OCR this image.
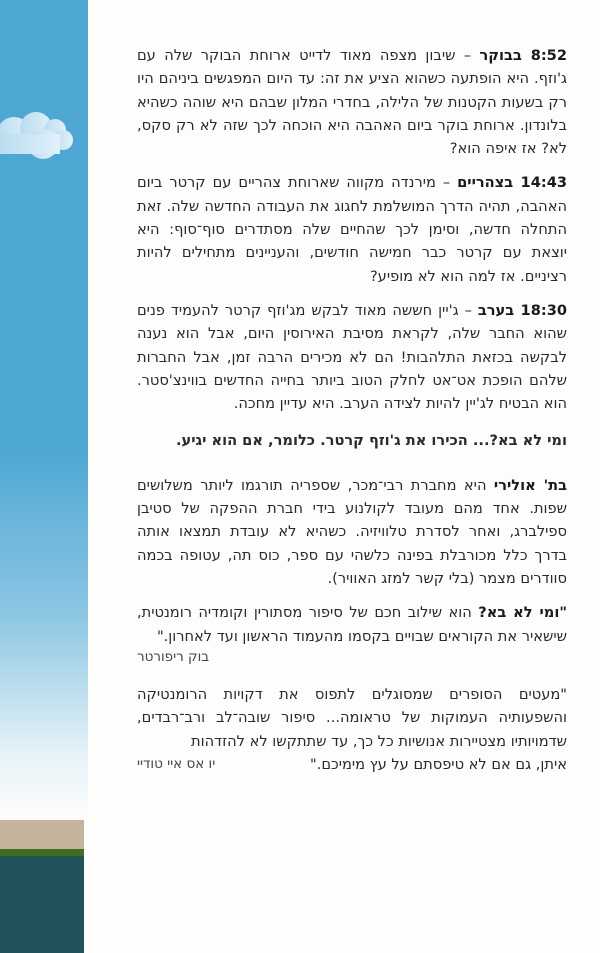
8:52 בבוקר – שיבון מצפה מאוד לדייט ארוחת הבוקר שלה עם ג'וזף. היא הופתעה כשהוא הציע את זה: עד היום המפגשים ביניהם היו רק בשעות הקטנות של הלילה, בחדרי המלון שבהם היא שוהה כשהיא בלונדון. ארוחת בוקר ביום האהבה היא הוכחה לכך שזה לא רק סקס, לא? אז איפה הוא?

14:43 בצהריים – מירנדה מקווה שארוחת צהריים עם קרטר ביום האהבה, תהיה הדרך המושלמת לחגוג את העבודה החדשה שלה. זאת התחלה חדשה, וסימן לכך שהחיים שלה מסתדרים סוף־סוף: היא יוצאת עם קרטר כבר חמישה חודשים, והעניינים מתחילים להיות רציניים. אז למה הוא לא מופיע?

18:30 בערב – ג'יין חששה מאוד לבקש מג'וזף קרטר להעמיד פנים שהוא החבר שלה, לקראת מסיבת האירוסין היום, אבל הוא נענה לבקשה בכזאת התלהבות! הם לא מכירים הרבה זמן, אבל החברות שלהם הופכת אט־אט לחלק הטוב ביותר בחייה החדשים בווינצ'סטר. הוא הבטיח לג'יין להיות לצידה הערב. היא עדיין מחכה.

ומי לא בא?... הכירו את ג'וזף קרטר. כלומר, אם הוא יגיע.

בת' אולירי היא מחברת רבי־מכר, שספריה תורגמו ליותר משלושים שפות. אחד מהם מעובד לקולנוע בידי חברת ההפקה של סטיבן ספילברג, ואחר לסדרת טלוויזיה. כשהיא לא עובדת תמצאו אותה בדרך כלל מכורבלת בפינה כלשהי עם ספר, כוס תה, עטופה בכמה סוודרים מצמר (בלי קשר למזג האוויר).

"ומי לא בא? הוא שילוב חכם של סיפור מסתורין וקומדיה רומנטית, שישאיר את הקוראים שבויים בקסמו מהעמוד הראשון ועד לאחרון."

בוק ריפורטר

"מעטים הסופרים שמסוגלים לתפוס את דקויות הרומנטיקה והשפעותיה העמוקות של טראומה... סיפור שובה־לב ורב־רבדים, שדמויותיו מצטיירות אנושיות כל כך, עד שתתקשו לא להזדהות

איתן, גם אם לא טיפסתם על עץ מימיכם."
יו אס איי טודיי
